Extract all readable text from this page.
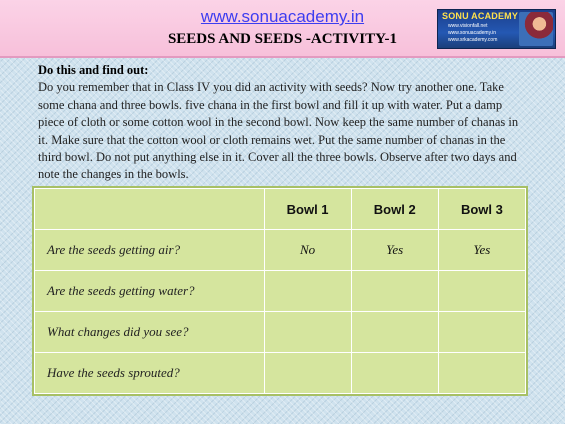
www.sonuacademy.in
SEEDS AND SEEDS -ACTIVITY-1
SONU ACADEMY
www.visionfall.net
www.sonuacademy.in
www.srkacademy.com
Do this and find out:
Do you remember that in Class IV you did an activity with seeds? Now try another one. Take some chana and three bowls. five chana in the first bowl and fill it up with water. Put a damp piece of cloth or some cotton wool in the second bowl. Now keep the same number of chanas in it. Make sure that the cotton wool or cloth remains wet. Put the same number of chanas in the third bowl. Do not put anything else in it. Cover all the three bowls. Observe after two days and note the changes in the bowls.
	Bowl 1	Bowl 2	Bowl 3
Are the seeds getting air?	No	Yes	Yes
Are the seeds getting water?			
What changes did you see?			
Have the seeds sprouted?			
